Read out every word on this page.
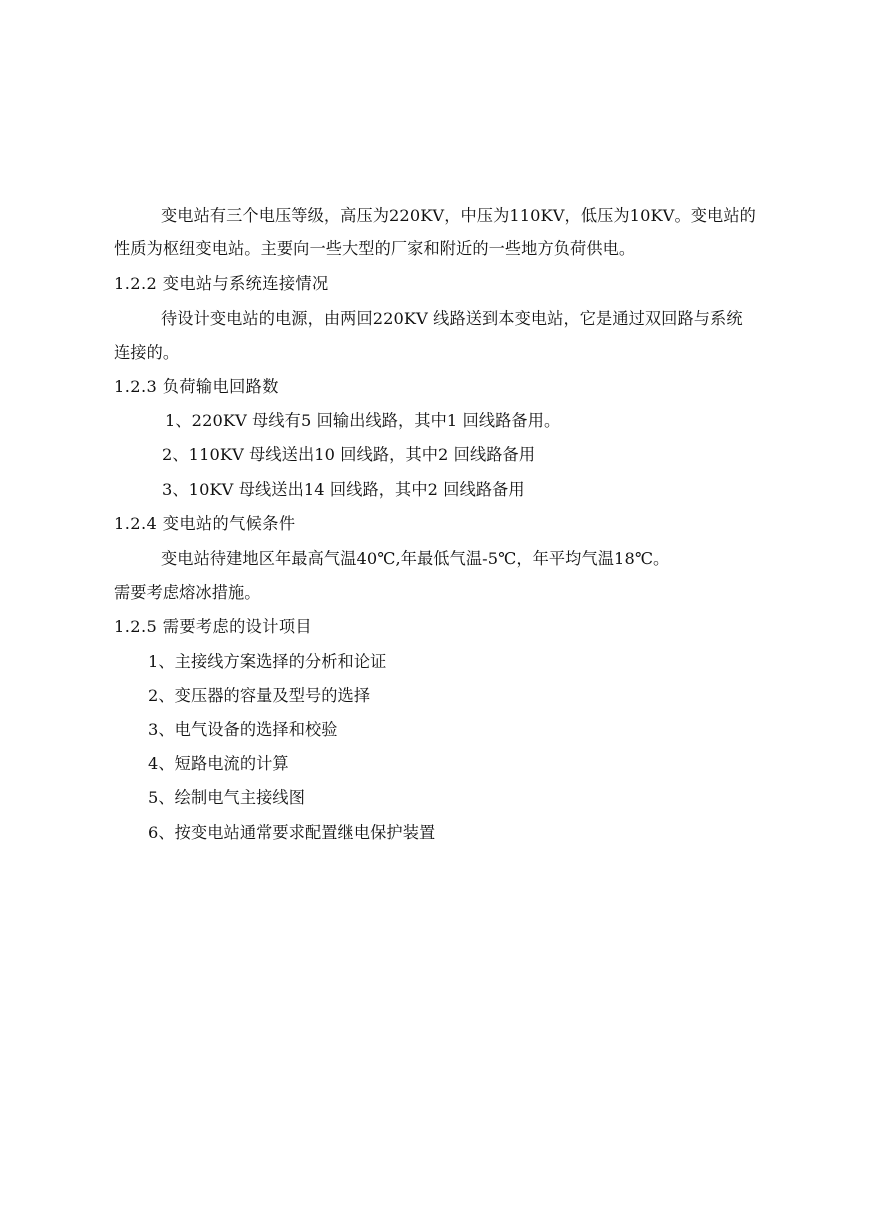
变电站有三个电压等级，高压为220KV，中压为110KV，低压为10KV。变电站的
性质为枢纽变电站。主要向一些大型的厂家和附近的一些地方负荷供电。
1.2.2 变电站与系统连接情况
待设计变电站的电源，由两回220KV 线路送到本变电站，它是通过双回路与系统
连接的。
1.2.3 负荷输电回路数
1、220KV 母线有5 回输出线路，其中1 回线路备用。
2、110KV 母线送出10 回线路，其中2 回线路备用
3、10KV 母线送出14 回线路，其中2 回线路备用
1.2.4 变电站的气候条件
变电站待建地区年最高气温40℃,年最低气温-5℃，年平均气温18℃。
需要考虑熔冰措施。
1.2.5 需要考虑的设计项目
1、主接线方案选择的分析和论证
2、变压器的容量及型号的选择
3、电气设备的选择和校验
4、短路电流的计算
5、绘制电气主接线图
6、按变电站通常要求配置继电保护装置
